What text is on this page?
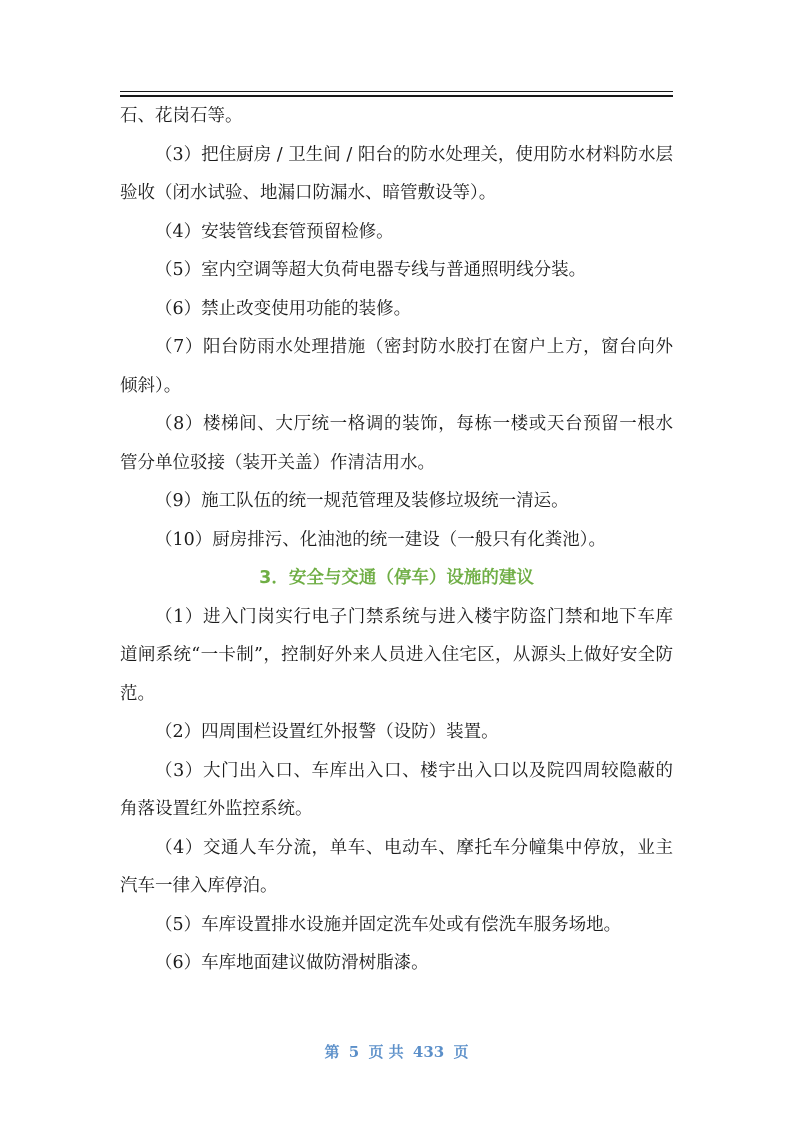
石、花岗石等。

（3）把住厨房 / 卫生间 / 阳台的防水处理关，使用防水材料防水层验收（闭水试验、地漏口防漏水、暗管敷设等）。

（4）安装管线套管预留检修。

（5）室内空调等超大负荷电器专线与普通照明线分装。

（6）禁止改变使用功能的装修。

（7）阳台防雨水处理措施（密封防水胶打在窗户上方，窗台向外倾斜）。

（8）楼梯间、大厅统一格调的装饰，每栋一楼或天台预留一根水管分单位驳接（装开关盖）作清洁用水。

（9）施工队伍的统一规范管理及装修垃圾统一清运。

（10）厨房排污、化油池的统一建设（一般只有化粪池）。

3．安全与交通（停车）设施的建议

（1）进入门岗实行电子门禁系统与进入楼宇防盗门禁和地下车库道闸系统“一卡制”，控制好外来人员进入住宅区，从源头上做好安全防范。

（2）四周围栏设置红外报警（设防）装置。

（3）大门出入口、车库出入口、楼宇出入口以及院四周较隐蔽的角落设置红外监控系统。

（4）交通人车分流，单车、电动车、摩托车分幢集中停放，业主汽车一律入库停泊。

（5）车库设置排水设施并固定洗车处或有偿洗车服务场地。

（6）车库地面建议做防滑树脂漆。

第 5 页 共 433 页
